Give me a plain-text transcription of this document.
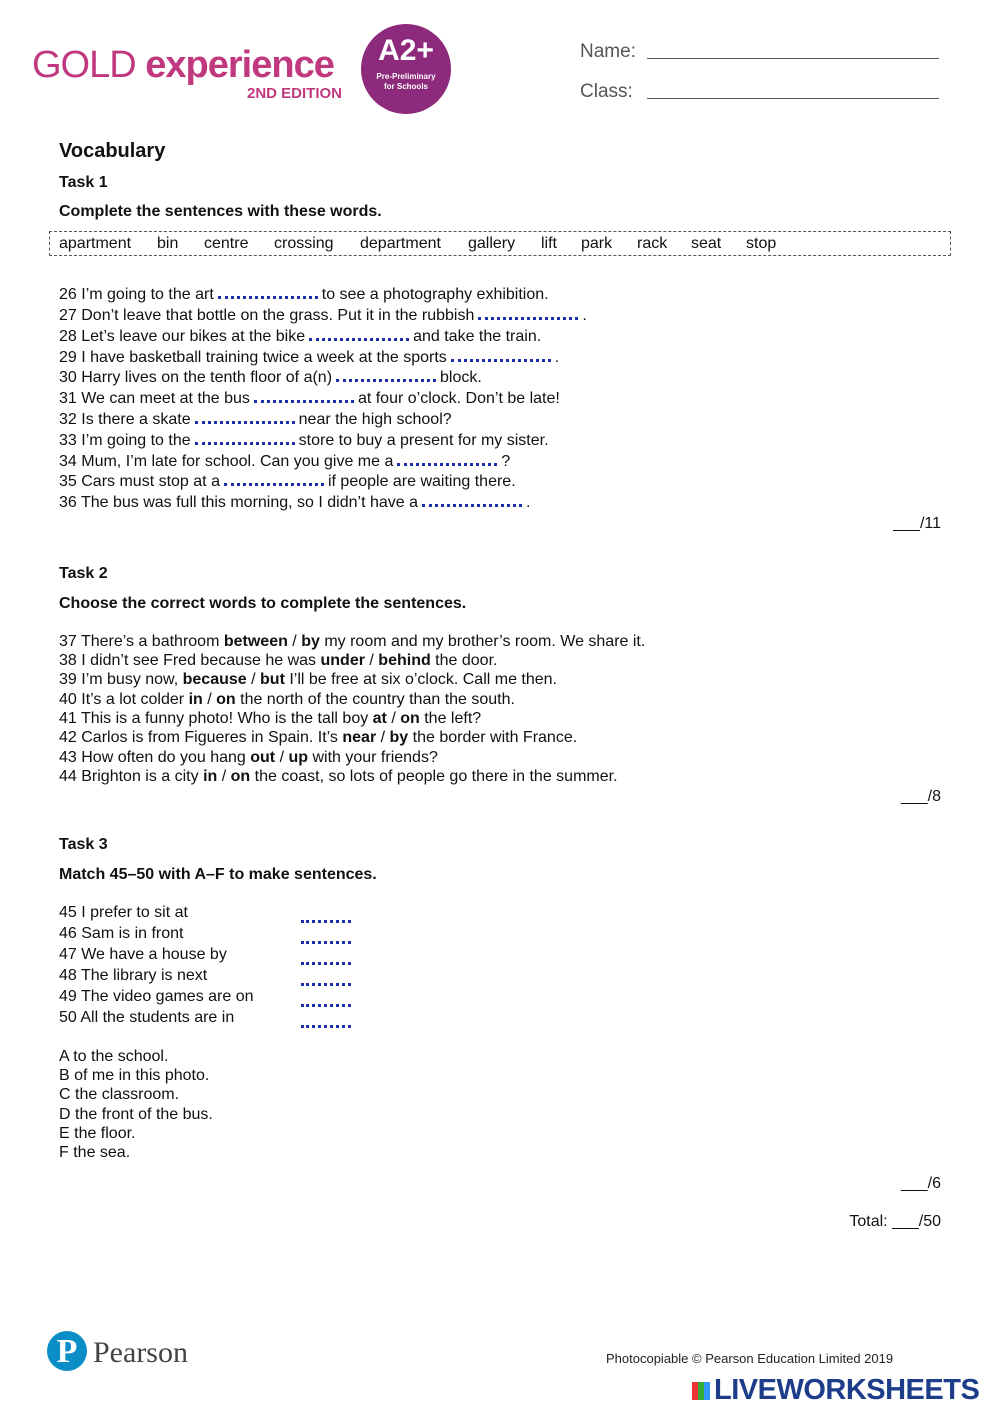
GOLD experience
2ND EDITION
A2+
Pre-Preliminary
for Schools
Name:
Class:
Vocabulary
Task 1
Complete the sentences with these words.
apartment bin centre crossing department gallery lift park rack seat stop
26 I’m going to the art	to see a photography exhibition.
27 Don’t leave that bottle on the grass. Put it in the rubbish	.
28 Let’s leave our bikes at the bike	and take the train.
29 I have basketball training twice a week at the sports	.
30 Harry lives on the tenth floor of a(n)	block.
31 We can meet at the bus	at four o’clock. Don’t be late!
32 Is there a skate	near the high school?
33 I’m going to the	store to buy a present for my sister.
34 Mum, I’m late for school. Can you give me a	?
35 Cars must stop at a	if people are waiting there.
36 The bus was full this morning, so I didn’t have a	.
___/11
Task 2
Choose the correct words to complete the sentences.
37 There’s a bathroom between / by my room and my brother’s room. We share it.
38 I didn’t see Fred because he was under / behind the door.
39 I’m busy now, because / but I’ll be free at six o’clock. Call me then.
40 It’s a lot colder in / on the north of the country than the south.
41 This is a funny photo! Who is the tall boy at / on the left?
42 Carlos is from Figueres in Spain. It’s near / by the border with France.
43 How often do you hang out / up with your friends?
44 Brighton is a city in / on the coast, so lots of people go there in the summer.
___/8
Task 3
Match 45–50 with A–F to make sentences.
45 I prefer to sit at
46 Sam is in front
47 We have a house by
48 The library is next
49 The video games are on
50 All the students are in
A to the school.
B of me in this photo.
C the classroom.
D the front of the bus.
E the floor.
F the sea.
___/6
Total: ___/50
P Pearson	Photocopiable © Pearson Education Limited 2019
LIVEWORKSHEETS
